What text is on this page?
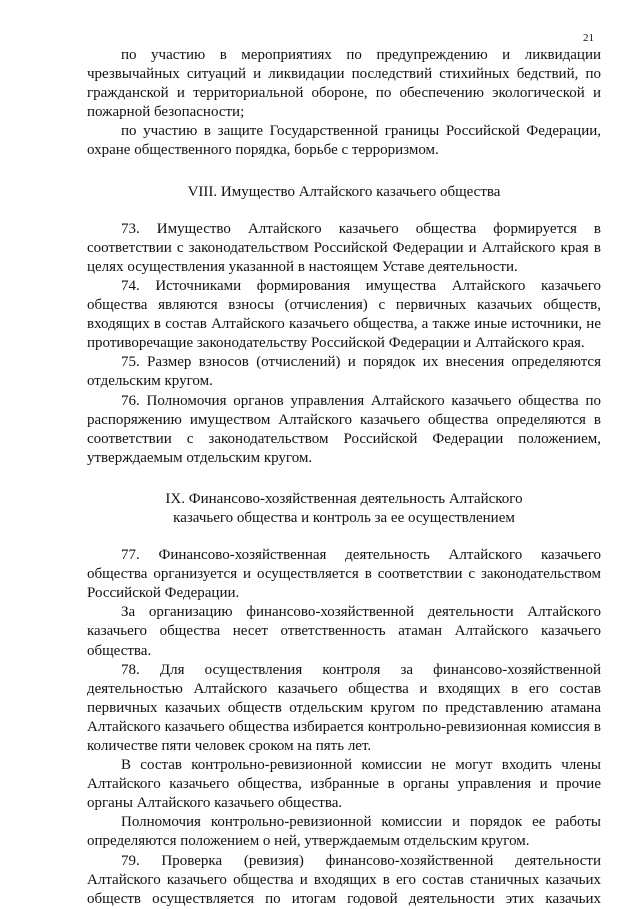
21

по участию в мероприятиях по предупреждению и ликвидации чрезвычайных ситуаций и ликвидации последствий стихийных бедствий, по гражданской и территориальной обороне, по обеспечению экологической и пожарной безопасности;

по участию в защите Государственной границы Российской Федерации, охране общественного порядка, борьбе с терроризмом.

VIII. Имущество Алтайского казачьего общества

73. Имущество Алтайского казачьего общества формируется в соответствии с законодательством Российской Федерации и Алтайского края в целях осуществления указанной в настоящем Уставе деятельности.

74. Источниками формирования имущества Алтайского казачьего общества являются взносы (отчисления) с первичных казачьих обществ, входящих в состав Алтайского казачьего общества, а также иные источники, не противоречащие законодательству Российской Федерации и Алтайского края.

75. Размер взносов (отчислений) и порядок их внесения определяются отдельским кругом.

76. Полномочия органов управления Алтайского казачьего общества по распоряжению имуществом Алтайского казачьего общества определяются в соответствии с законодательством Российской Федерации положением, утверждаемым отдельским кругом.

IX. Финансово-хозяйственная деятельность Алтайского
казачьего общества и контроль за ее осуществлением

77. Финансово-хозяйственная деятельность Алтайского казачьего общества организуется и осуществляется в соответствии с законодательством Российской Федерации.

За организацию финансово-хозяйственной деятельности Алтайского казачьего общества несет ответственность атаман Алтайского казачьего общества.

78. Для осуществления контроля за финансово-хозяйственной деятельностью Алтайского казачьего общества и входящих в его состав первичных казачьих обществ отдельским кругом по представлению атамана Алтайского казачьего общества избирается контрольно-ревизионная комиссия в количестве пяти человек сроком на пять лет.

В состав контрольно-ревизионной комиссии не могут входить члены Алтайского казачьего общества, избранные в органы управления и прочие органы Алтайского казачьего общества.

Полномочия контрольно-ревизионной комиссии и порядок ее работы определяются положением о ней, утверждаемым отдельским кругом.

79. Проверка (ревизия) финансово-хозяйственной деятельности Алтайского казачьего общества и входящих в его состав станичных казачьих обществ осуществляется по итогам годовой деятельности этих казачьих
